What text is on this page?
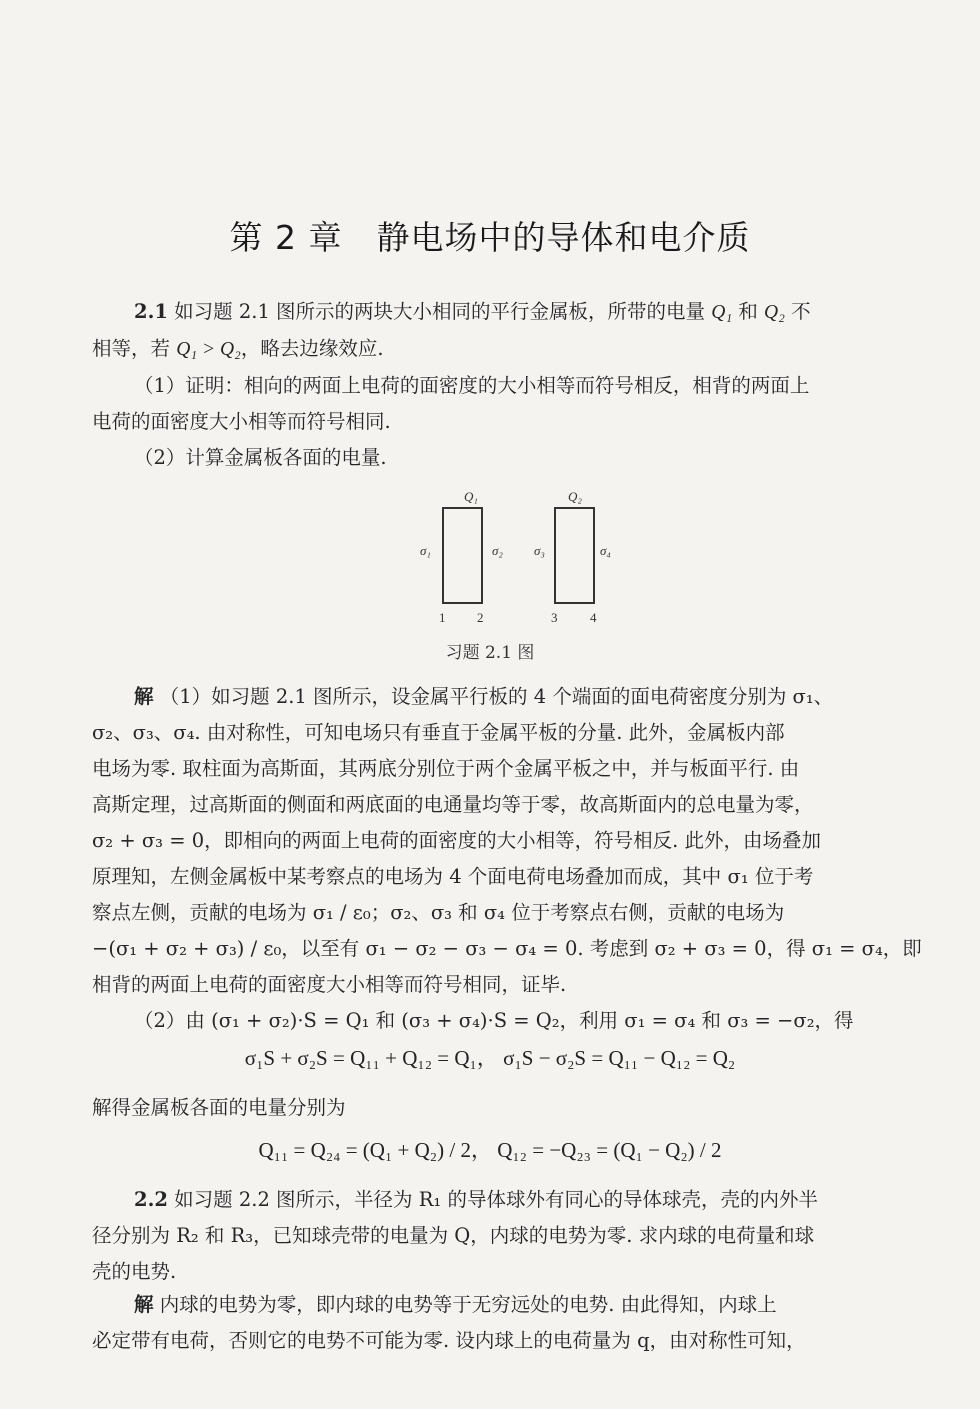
第 2 章 静电场中的导体和电介质
2.1 如习题 2.1 图所示的两块大小相同的平行金属板，所带的电量 Q₁ 和 Q₂ 不
相等，若 Q₁ > Q₂，略去边缘效应.
（1）证明：相向的两面上电荷的面密度的大小相等而符号相反，相背的两面上
电荷的面密度大小相等而符号相同.
（2）计算金属板各面的电量.
Q₁	Q₂
σ₁	σ₂ σ₃	σ₄
1 2	3	4
习题 2.1 图
解 （1）如习题 2.1 图所示，设金属平行板的 4 个端面的面电荷密度分别为 σ₁、
σ₂、σ₃、σ₄. 由对称性，可知电场只有垂直于金属平板的分量. 此外，金属板内部
电场为零. 取柱面为高斯面，其两底分别位于两个金属平板之中，并与板面平行. 由
高斯定理，过高斯面的侧面和两底面的电通量均等于零，故高斯面内的总电量为零，
σ₂ + σ₃ = 0，即相向的两面上电荷的面密度的大小相等，符号相反. 此外，由场叠加
原理知，左侧金属板中某考察点的电场为 4 个面电荷电场叠加而成，其中 σ₁ 位于考
察点左侧，贡献的电场为 σ₁ / ε₀；σ₂、σ₃ 和 σ₄ 位于考察点右侧，贡献的电场为
−(σ₁ + σ₂ + σ₃) / ε₀，以至有 σ₁ − σ₂ − σ₃ − σ₄ = 0. 考虑到 σ₂ + σ₃ = 0，得 σ₁ = σ₄，即
相背的两面上电荷的面密度大小相等而符号相同，证毕.
（2）由 (σ₁ + σ₂)·S = Q₁ 和 (σ₃ + σ₄)·S = Q₂，利用 σ₁ = σ₄ 和 σ₃ = −σ₂，得
σ₁S + σ₂S = Q₁₁ + Q₁₂ = Q₁， σ₁S − σ₂S = Q₁₁ − Q₁₂ = Q₂
解得金属板各面的电量分别为
Q₁₁ = Q₂₄ = (Q₁ + Q₂) / 2， Q₁₂ = −Q₂₃ = (Q₁ − Q₂) / 2
2.2 如习题 2.2 图所示，半径为 R₁ 的导体球外有同心的导体球壳，壳的内外半
径分别为 R₂ 和 R₃，已知球壳带的电量为 Q，内球的电势为零. 求内球的电荷量和球
壳的电势.
解 内球的电势为零，即内球的电势等于无穷远处的电势. 由此得知，内球上
必定带有电荷，否则它的电势不可能为零. 设内球上的电荷量为 q，由对称性可知，
